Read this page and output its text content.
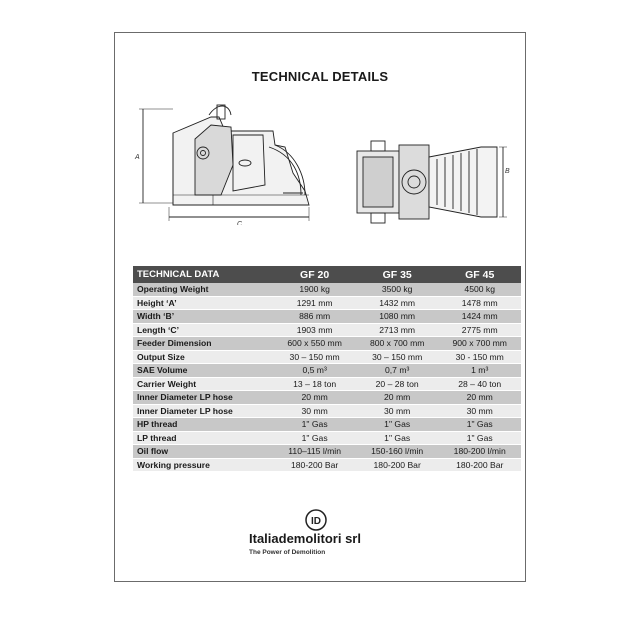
TECHNICAL DETAILS
A
C
B
TECHNICAL DATA	GF 20	GF 35	GF 45
Operating Weight	1900 kg	3500 kg	4500 kg
Height ‘A’	1291 mm	1432 mm	1478 mm
Width ‘B’	886 mm	1080 mm	1424 mm
Length ‘C’	1903 mm	2713 mm	2775 mm
Feeder Dimension	600 x 550 mm	800 x 700 mm	900 x 700 mm
Output Size	30 – 150 mm	30 – 150 mm	30 - 150 mm
SAE Volume	0,5 m³	0,7 m³	1 m³
Carrier Weight	13 – 18 ton	20 – 28 ton	28 – 40 ton
Inner Diameter LP hose	20 mm	20 mm	20 mm
Inner Diameter LP hose	30 mm	30 mm	30 mm
HP thread	1" Gas	1" Gas	1" Gas
LP thread	1" Gas	1" Gas	1" Gas
Oil flow	110–115 l/min	150-160 l/min	180-200 l/min
Working pressure	180-200 Bar	180-200 Bar	180-200 Bar
ID
Italiademolitori srl
The Power of Demolition
